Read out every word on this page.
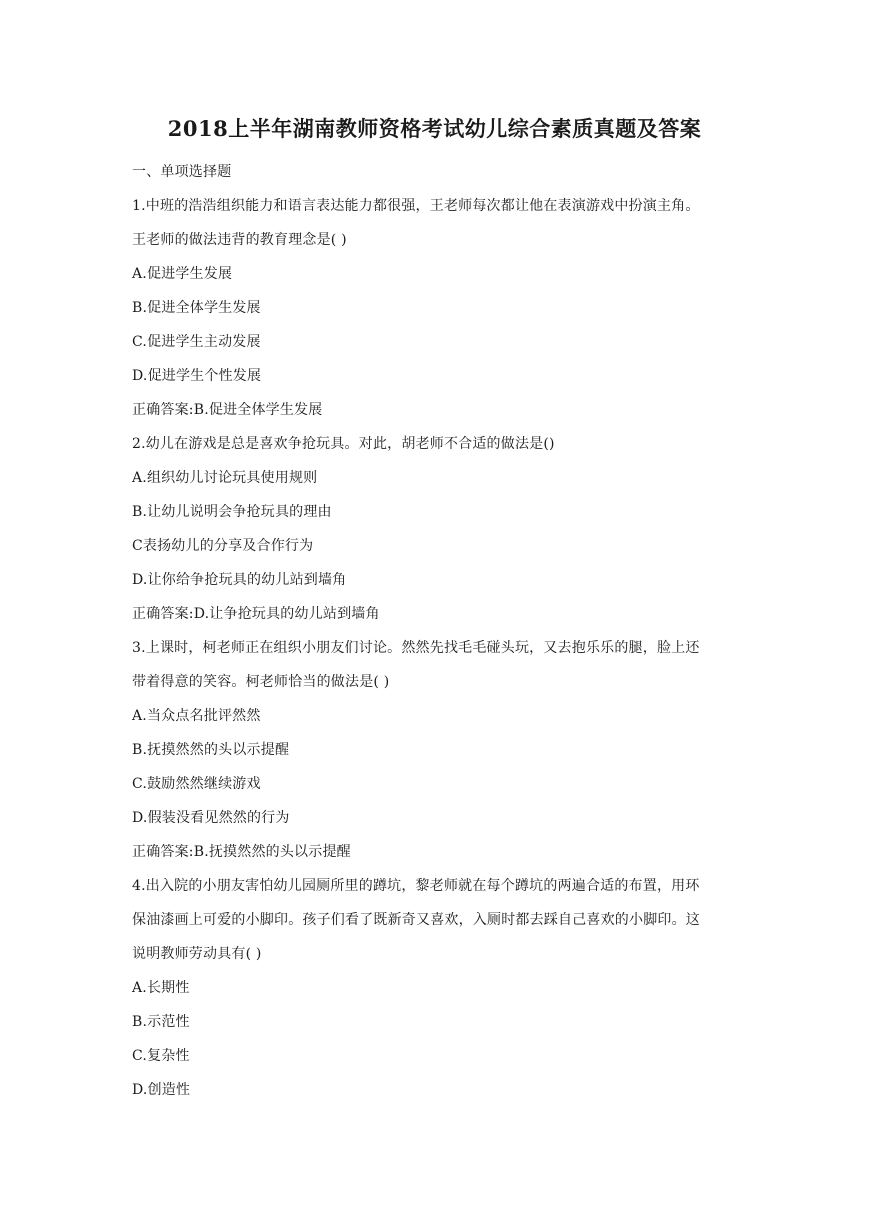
2018上半年湖南教师资格考试幼儿综合素质真题及答案
一、单项选择题
1.中班的浩浩组织能力和语言表达能力都很强，王老师每次都让他在表演游戏中扮演主角。
王老师的做法违背的教育理念是( )
A.促进学生发展
B.促进全体学生发展
C.促进学生主动发展
D.促进学生个性发展
正确答案:B.促进全体学生发展
2.幼儿在游戏是总是喜欢争抢玩具。对此，胡老师不合适的做法是()
A.组织幼儿讨论玩具使用规则
B.让幼儿说明会争抢玩具的理由
C表扬幼儿的分享及合作行为
D.让你给争抢玩具的幼儿站到墙角
正确答案:D.让争抢玩具的幼儿站到墙角
3.上课时，柯老师正在组织小朋友们讨论。然然先找毛毛碰头玩，又去抱乐乐的腿，脸上还
带着得意的笑容。柯老师恰当的做法是( )
A.当众点名批评然然
B.抚摸然然的头以示提醒
C.鼓励然然继续游戏
D.假装没看见然然的行为
正确答案:B.抚摸然然的头以示提醒
4.出入院的小朋友害怕幼儿园厕所里的蹲坑，黎老师就在每个蹲坑的两遍合适的布置，用环
保油漆画上可爱的小脚印。孩子们看了既新奇又喜欢，入厕时都去踩自己喜欢的小脚印。这
说明教师劳动具有( )
A.长期性
B.示范性
C.复杂性
D.创造性
